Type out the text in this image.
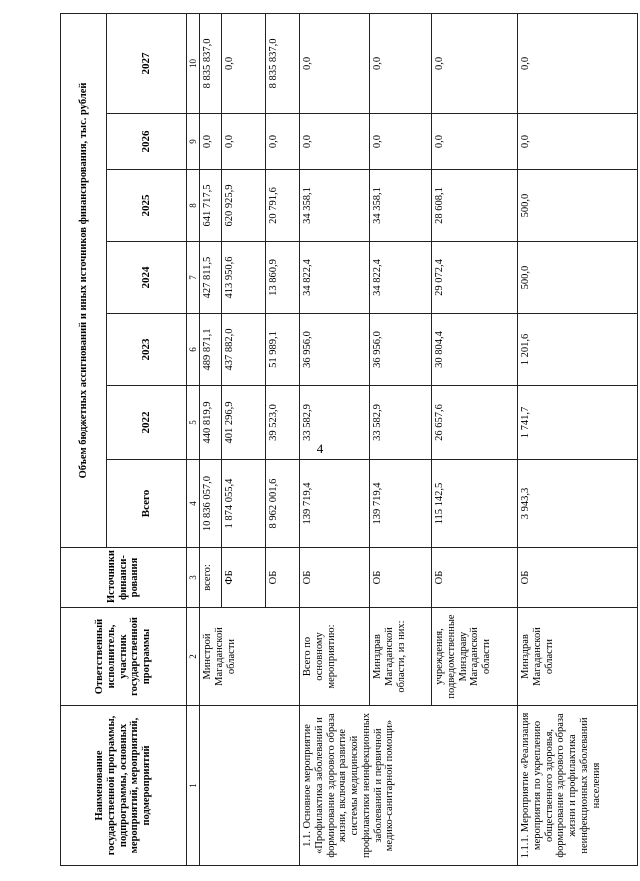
4
Наименование государственной программы, подпрограммы, основных мероприятий, мероприятий, подмероприятий	Ответственный исполнитель, участник государственной программы	Источники финанси-рования	Объем бюджетных ассигнований и иных источников финансирования, тыс. рублей						
			Всего	2022	2023	2024	2025	2026	2027
1	2	3	4	5	6	7	8	9	10
	Минстрой Магаданской области	всего:	10 836 057,0	440 819,9	489 871,1	427 811,5	641 717,5	0,0	8 835 837,0
		ФБ	1 874 055,4	401 296,9	437 882,0	413 950,6	620 925,9	0,0	0,0
		ОБ	8 962 001,6	39 523,0	51 989,1	13 860,9	20 791,6	0,0	8 835 837,0
1.1. Основное мероприятие «Профилактика заболеваний и формирование здорового образа жизни, включая развитие системы медицинской профилактики неинфекционных заболеваний и первичной медико-санитарной помощи»	Всего по основному мероприятию:	ОБ	139 719,4	33 582,9	36 956,0	34 822,4	34 358,1	0,0	0,0
	Минздрав Магаданской области, из них:	ОБ	139 719,4	33 582,9	36 956,0	34 822,4	34 358,1	0,0	0,0
	учреждения, подведомственные Минздраву Магаданской области	ОБ	115 142,5	26 657,6	30 804,4	29 072,4	28 608,1	0,0	0,0
1.1.1. Мероприятие «Реализация мероприятия по укреплению общественного здоровья, формирование здорового образа жизни и профилактика неинфекционных заболеваний населения	Минздрав Магаданской области	ОБ	3 943,3	1 741,7	1 201,6	500,0	500,0	0,0	0,0
